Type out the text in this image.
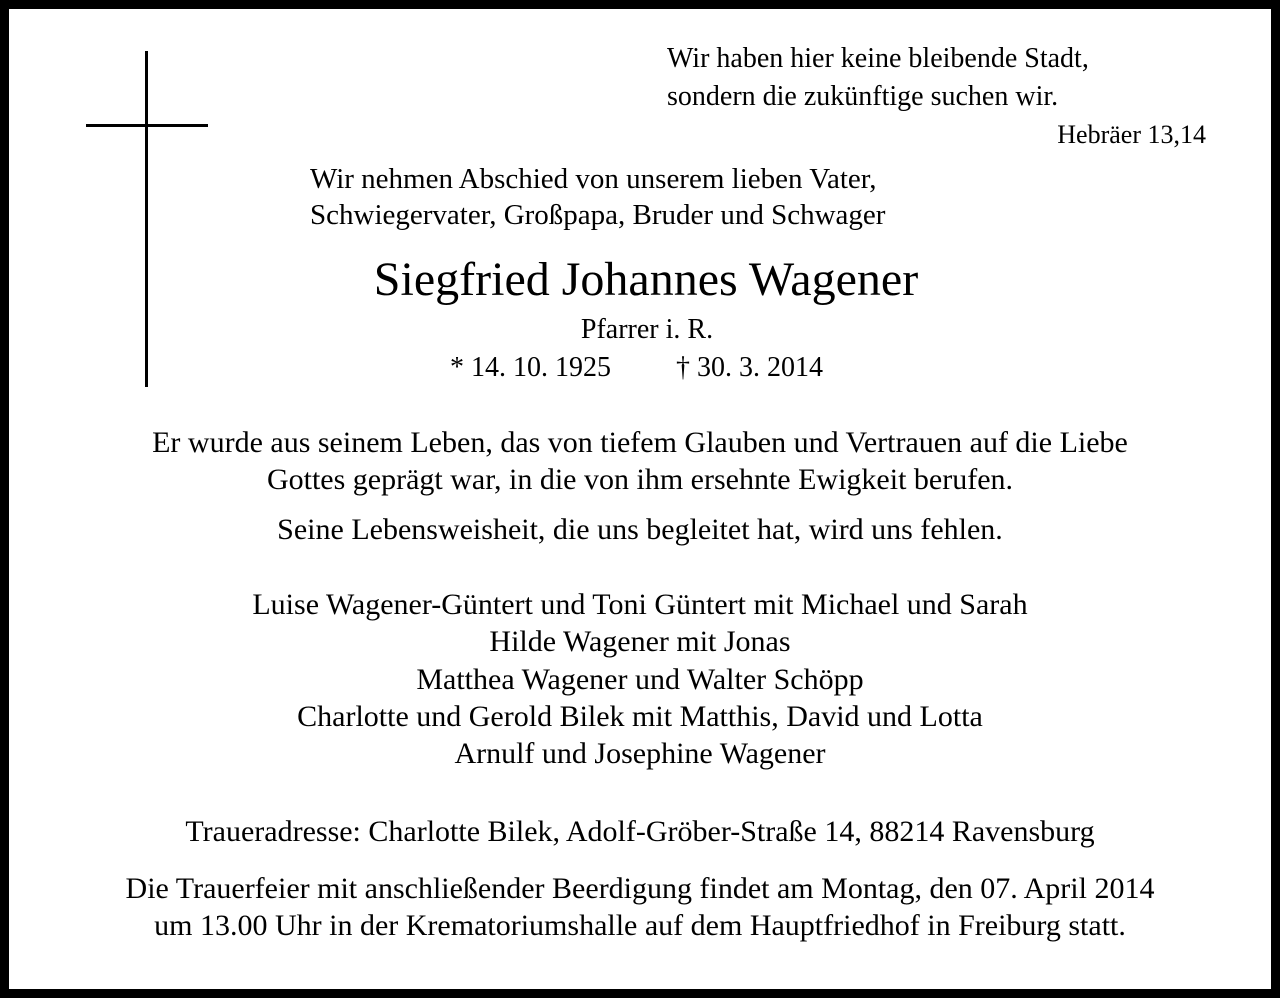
Wir haben hier keine bleibende Stadt,
sondern die zukünftige suchen wir.
Hebräer 13,14
Wir nehmen Abschied von unserem lieben Vater,
Schwiegervater, Großpapa, Bruder und Schwager
Siegfried Johannes Wagener
Pfarrer i. R.
* 14. 10. 1925 † 30. 3. 2014
Er wurde aus seinem Leben, das von tiefem Glauben und Vertrauen auf die Liebe
Gottes geprägt war, in die von ihm ersehnte Ewigkeit berufen.
Seine Lebensweisheit, die uns begleitet hat, wird uns fehlen.
Luise Wagener-Güntert und Toni Güntert mit Michael und Sarah
Hilde Wagener mit Jonas
Matthea Wagener und Walter Schöpp
Charlotte und Gerold Bilek mit Matthis, David und Lotta
Arnulf und Josephine Wagener
Traueradresse: Charlotte Bilek, Adolf-Gröber-Straße 14, 88214 Ravensburg
Die Trauerfeier mit anschließender Beerdigung findet am Montag, den 07. April 2014
um 13.00 Uhr in der Krematoriumshalle auf dem Hauptfriedhof in Freiburg statt.
